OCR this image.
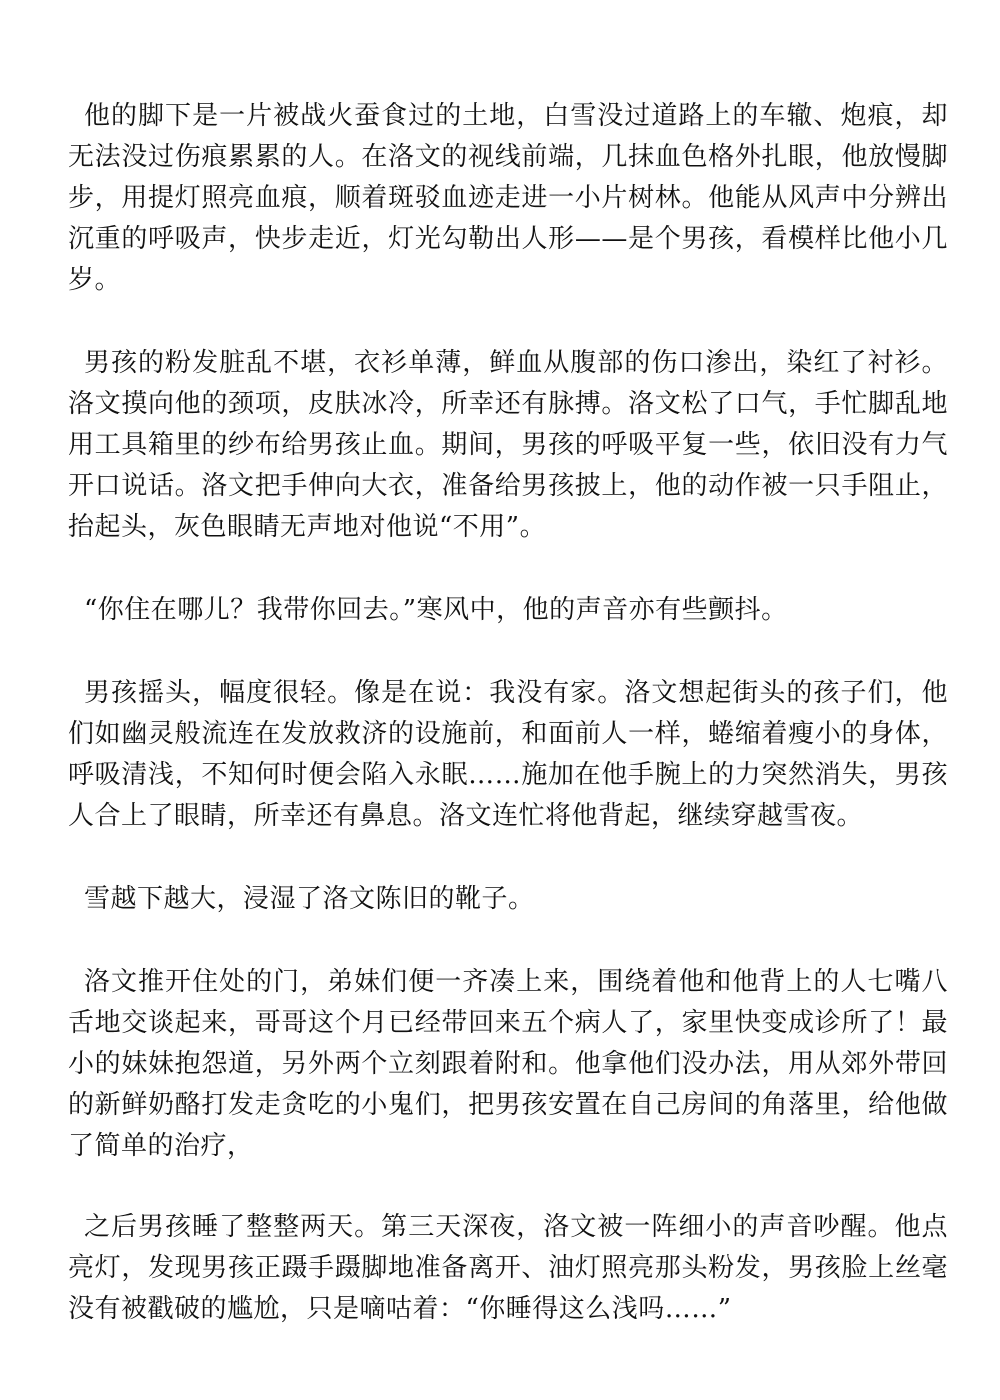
他的脚下是一片被战火蚕食过的土地，白雪没过道路上的车辙、炮痕，却无法没过伤痕累累的人。在洛文的视线前端，几抹血色格外扎眼，他放慢脚步，用提灯照亮血痕，顺着斑驳血迹走进一小片树林。他能从风声中分辨出沉重的呼吸声，快步走近，灯光勾勒出人形——是个男孩，看模样比他小几岁。

男孩的粉发脏乱不堪，衣衫单薄，鲜血从腹部的伤口渗出，染红了衬衫。洛文摸向他的颈项，皮肤冰冷，所幸还有脉搏。洛文松了口气，手忙脚乱地用工具箱里的纱布给男孩止血。期间，男孩的呼吸平复一些，依旧没有力气开口说话。洛文把手伸向大衣，准备给男孩披上，他的动作被一只手阻止，抬起头，灰色眼睛无声地对他说“不用”。

“你住在哪儿？我带你回去。”寒风中，他的声音亦有些颤抖。

男孩摇头，幅度很轻。像是在说：我没有家。洛文想起街头的孩子们，他们如幽灵般流连在发放救济的设施前，和面前人一样，蜷缩着瘦小的身体，呼吸清浅，不知何时便会陷入永眠……施加在他手腕上的力突然消失，男孩人合上了眼睛，所幸还有鼻息。洛文连忙将他背起，继续穿越雪夜。

雪越下越大，浸湿了洛文陈旧的靴子。

洛文推开住处的门，弟妹们便一齐凑上来，围绕着他和他背上的人七嘴八舌地交谈起来，哥哥这个月已经带回来五个病人了，家里快变成诊所了！最小的妹妹抱怨道，另外两个立刻跟着附和。他拿他们没办法，用从郊外带回的新鲜奶酪打发走贪吃的小鬼们，把男孩安置在自己房间的角落里，给他做了简单的治疗，

之后男孩睡了整整两天。第三天深夜，洛文被一阵细小的声音吵醒。他点亮灯，发现男孩正蹑手蹑脚地准备离开、油灯照亮那头粉发，男孩脸上丝毫没有被戳破的尴尬，只是嘀咕着：“你睡得这么浅吗……”
